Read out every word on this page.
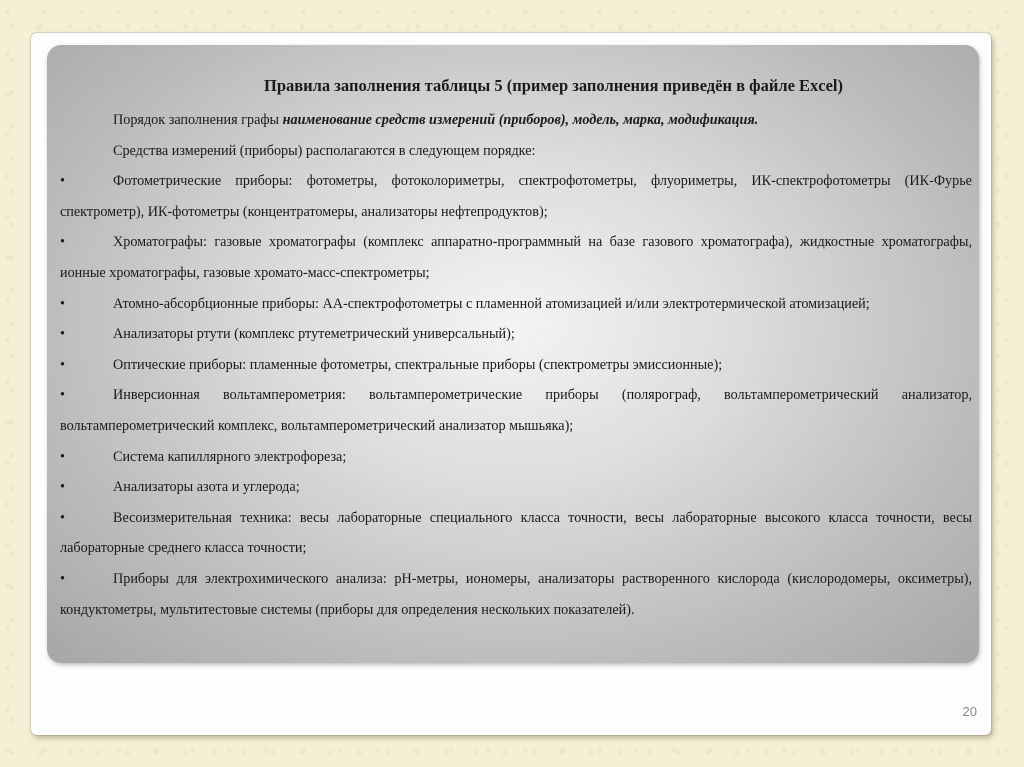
Правила заполнения таблицы 5 (пример заполнения приведён в файле Excel)

Порядок заполнения графы наименование средств измерений (приборов), модель, марка, модификация.

Средства измерений (приборы) располагаются в следующем порядке:

•	Фотометрические приборы: фотометры, фотоколориметры, спектрофотометры, флуориметры, ИК-спектрофотометры (ИК-Фурье спектрометр), ИК-фотометры (концентратомеры, анализаторы нефтепродуктов);

•	Хроматографы: газовые хроматографы (комплекс аппаратно-программный на базе газового хроматографа), жидкостные хроматографы, ионные хроматографы, газовые хромато-масс-спектрометры;

•	Атомно-абсорбционные приборы: АА-спектрофотометры с пламенной атомизацией и/или электротермической атомизацией;

•	Анализаторы ртути (комплекс ртутеметрический универсальный);

•	Оптические приборы: пламенные фотометры, спектральные приборы (спектрометры эмиссионные);

•	Инверсионная вольтамперометрия: вольтамперометрические приборы (полярограф, вольтамперометрический анализатор, вольтамперометрический комплекс, вольтамперометрический анализатор мышьяка);

•	Система капиллярного электрофореза;

•	Анализаторы азота и углерода;

•	Весоизмерительная техника: весы лабораторные специального класса точности, весы лабораторные высокого класса точности, весы лабораторные среднего класса точности;

•	Приборы для электрохимического анализа: рН-метры, иономеры, анализаторы растворенного кислорода (кислородомеры, оксиметры), кондуктометры, мультитестовые системы (приборы для определения нескольких показателей).

20
